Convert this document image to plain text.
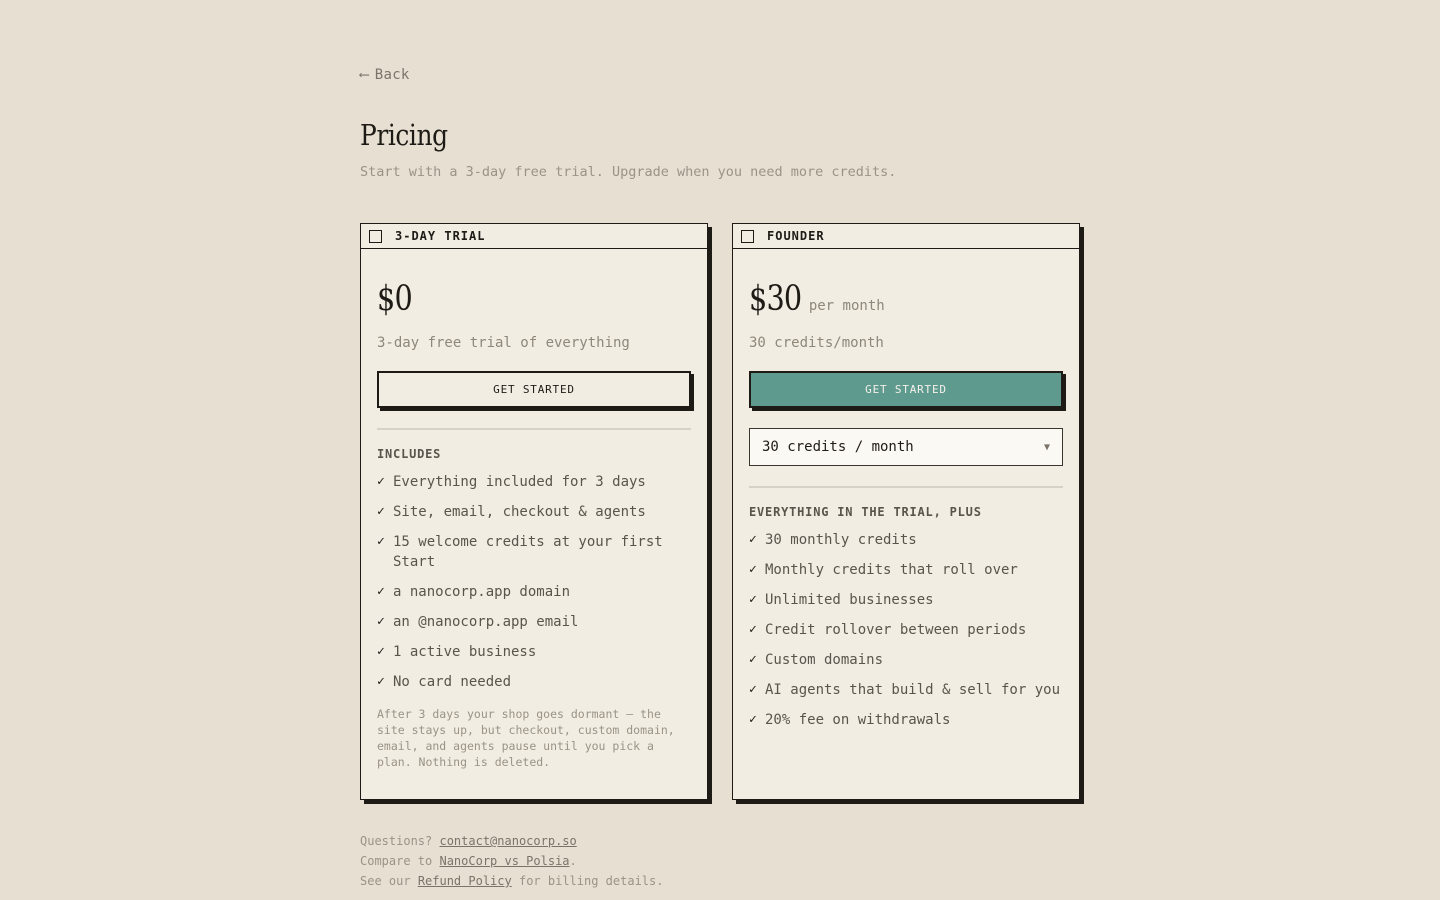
⟵ Back
Pricing
Start with a 3-day free trial. Upgrade when you need more credits.
3-DAY TRIAL
$0
3-day free trial of everything
GET STARTED
INCLUDES
✓ Everything included for 3 days
✓ Site, email, checkout & agents
✓ 15 welcome credits at your first Start
✓ a nanocorp.app domain
✓ an @nanocorp.app email
✓ 1 active business
✓ No card needed
After 3 days your shop goes dormant — the site stays up, but checkout, custom domain, email, and agents pause until you pick a plan. Nothing is deleted.
FOUNDER
$30 per month
30 credits/month
GET STARTED
30 credits / month	▼
EVERYTHING IN THE TRIAL, PLUS
✓ 30 monthly credits
✓ Monthly credits that roll over
✓ Unlimited businesses
✓ Credit rollover between periods
✓ Custom domains
✓ AI agents that build & sell for you
✓ 20% fee on withdrawals
Questions? contact@nanocorp.so
Compare to NanoCorp vs Polsia.
See our Refund Policy for billing details.
